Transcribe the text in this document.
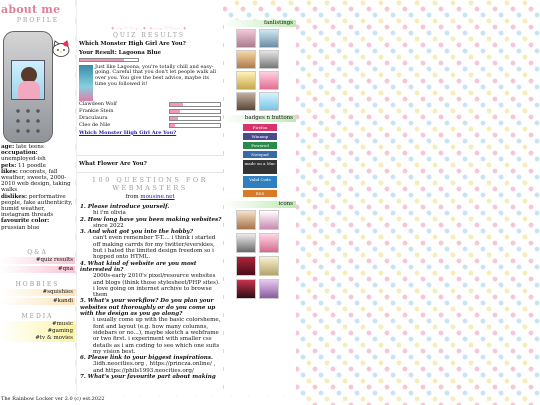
about me
PROFILE
age: late teens
occupation: unemployed-ish
pets: 11 poodle
likes: coconuts, fall weather, sweets, 2000-2010 web design, taking walks
dislikes: performative people, fake authenticity, humid weather, instagram threads
favourite color: prussian blue
Q&A
#quiz results
#qna
HOBBIES
#squishies
#kandi
MEDIA
#music
#gaming
#tv & movies
✶.·:·♡♡·:·.✶ ✧·.·:·♡♡·:·.✶
QUIZ RESULTS
Which Monster High Girl Are You?
Your Result: Lagoona Blue
Just like Lagoona, you're totally chill and easy-going. Careful that you don't let people walk all over you. You give the best advice, maybe its time you followed it!
Clawdeen Wolf
Frankie Stein
Draculaura
Cleo de Nile
Which Monster High Girl Are You?
What Flower Are You?
100 QUESTIONS FOR WEBMASTERS
from mousine.net
1. Please introduce yourself.
hi i'm olivia
2. How long have you been making websites?
since 2022
3. And what got you into the hobby?
can't even remember T-T.... i think i started off making carrds for my twitter/everskies, but i hated the limited design freedom so i hopped onto HTML.
4. What kind of website are you most interested in?
2000s-early 2010's pixel/resource websites and blogs (think those stylesheet/PHP sites). i love going on internet archive to browse them
5. What's your workflow? Do you plan your websites out thoroughly or do you come up with the design as you go along?
i usually come up with the basic colorsheme, font and layout (e.g. how many columns, sidebars or no...), maybe sketch a webframe or two first. i experiment with smaller css details as i am coding to see which one suits my vision best.
6. Please link to your biggest inspirations.
3idh.neocities.org , https://princza.online/ , and https://phils1993.neocities.org/
7. What's your favourite part about making
fanlistings
badges n buttons
Firefox
Winamp
Powered
Notepad
made on a Mac
Valid Code
RSS
icons
The Rainbow Locker ver 2.0 (c) est.2022
